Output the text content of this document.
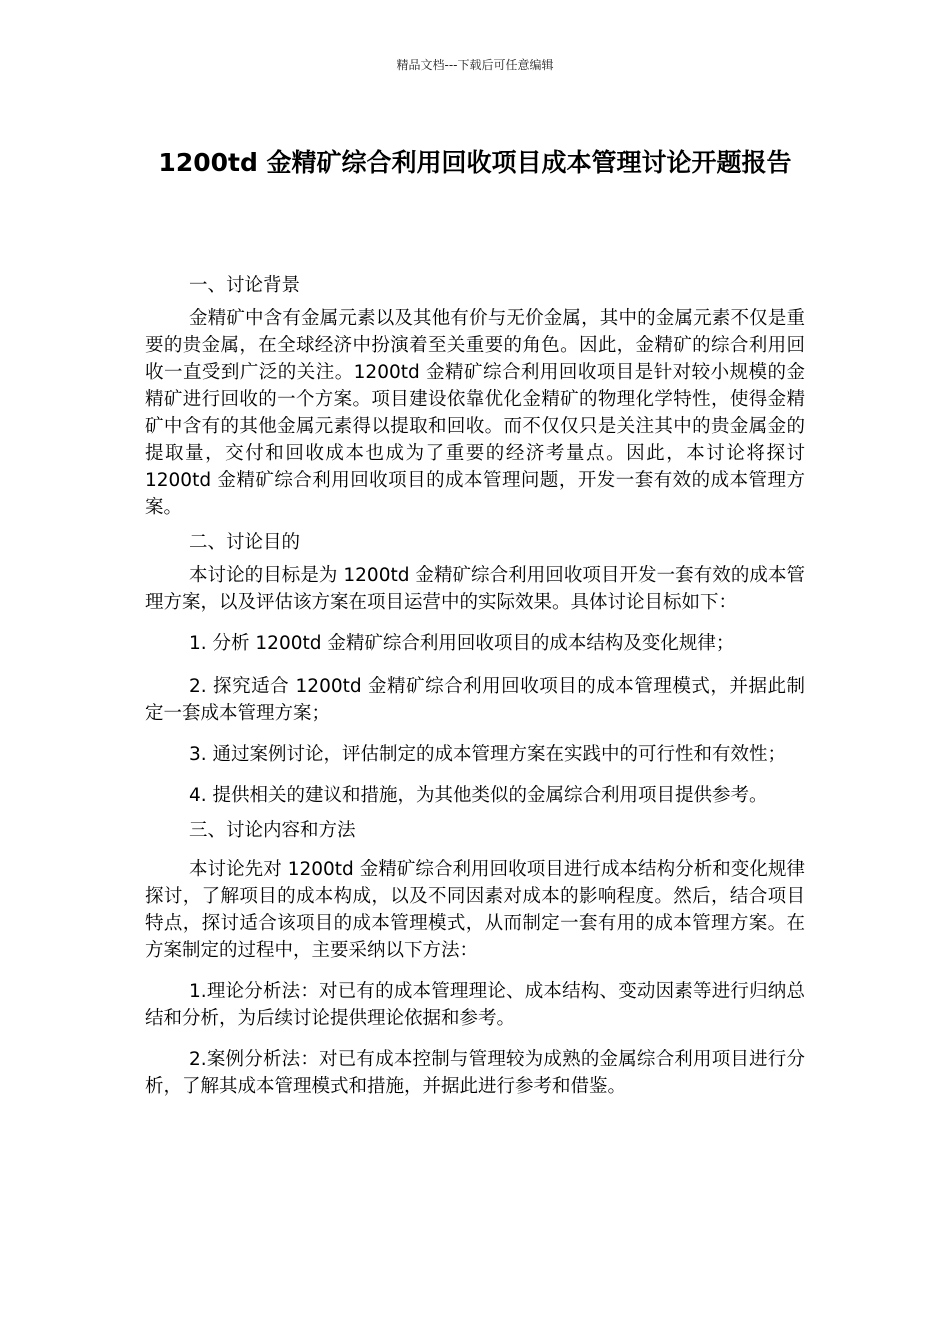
精品文档---下载后可任意编辑
1200td 金精矿综合利用回收项目成本管理讨论开题报告

一、讨论背景

金精矿中含有金属元素以及其他有价与无价金属，其中的金属元素不仅是重要的贵金属，在全球经济中扮演着至关重要的角色。因此，金精矿的综合利用回收一直受到广泛的关注。1200td 金精矿综合利用回收项目是针对较小规模的金精矿进行回收的一个方案。项目建设依靠优化金精矿的物理化学特性，使得金精矿中含有的其他金属元素得以提取和回收。而不仅仅只是关注其中的贵金属金的提取量，交付和回收成本也成为了重要的经济考量点。因此，本讨论将探讨 1200td 金精矿综合利用回收项目的成本管理问题，开发一套有效的成本管理方案。

二、讨论目的

本讨论的目标是为 1200td 金精矿综合利用回收项目开发一套有效的成本管理方案，以及评估该方案在项目运营中的实际效果。具体讨论目标如下：

1. 分析 1200td 金精矿综合利用回收项目的成本结构及变化规律；

2. 探究适合 1200td 金精矿综合利用回收项目的成本管理模式，并据此制定一套成本管理方案；

3. 通过案例讨论，评估制定的成本管理方案在实践中的可行性和有效性；

4. 提供相关的建议和措施，为其他类似的金属综合利用项目提供参考。

三、讨论内容和方法

本讨论先对 1200td 金精矿综合利用回收项目进行成本结构分析和变化规律探讨，了解项目的成本构成，以及不同因素对成本的影响程度。然后，结合项目特点，探讨适合该项目的成本管理模式，从而制定一套有用的成本管理方案。在方案制定的过程中，主要采纳以下方法：

1.理论分析法：对已有的成本管理理论、成本结构、变动因素等进行归纳总结和分析，为后续讨论提供理论依据和参考。

2.案例分析法：对已有成本控制与管理较为成熟的金属综合利用项目进行分析，了解其成本管理模式和措施，并据此进行参考和借鉴。
